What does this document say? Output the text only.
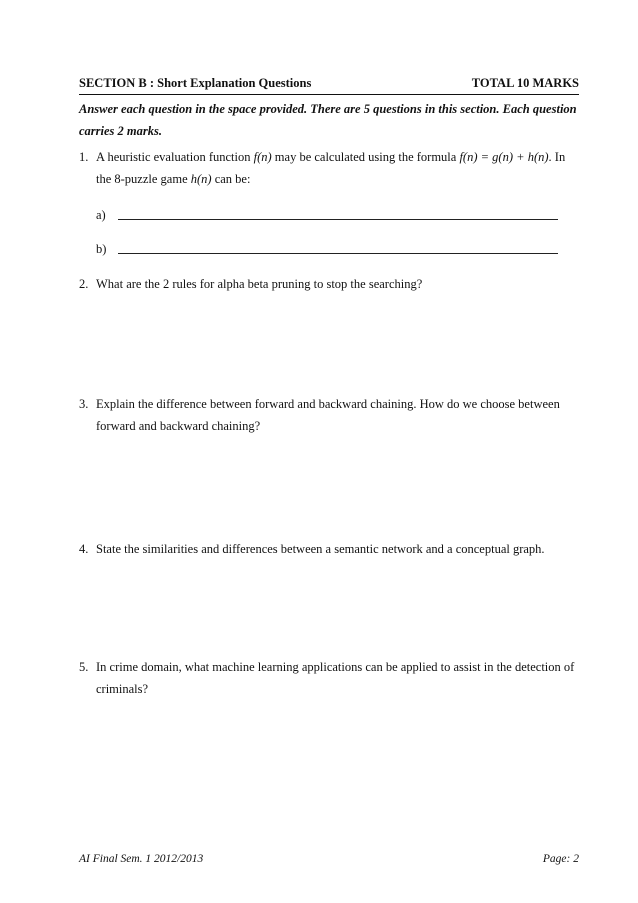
SECTION B : Short Explanation Questions	TOTAL 10 MARKS
Answer each question in the space provided. There are 5 questions in this section. Each question carries 2 marks.
1. A heuristic evaluation function f(n) may be calculated using the formula f(n) = g(n) + h(n). In the 8-puzzle game h(n) can be:
a)
b)
2. What are the 2 rules for alpha beta pruning to stop the searching?
3. Explain the difference between forward and backward chaining. How do we choose between forward and backward chaining?
4. State the similarities and differences between a semantic network and a conceptual graph.
5. In crime domain, what machine learning applications can be applied to assist in the detection of criminals?
AI Final Sem. 1 2012/2013	Page: 2
